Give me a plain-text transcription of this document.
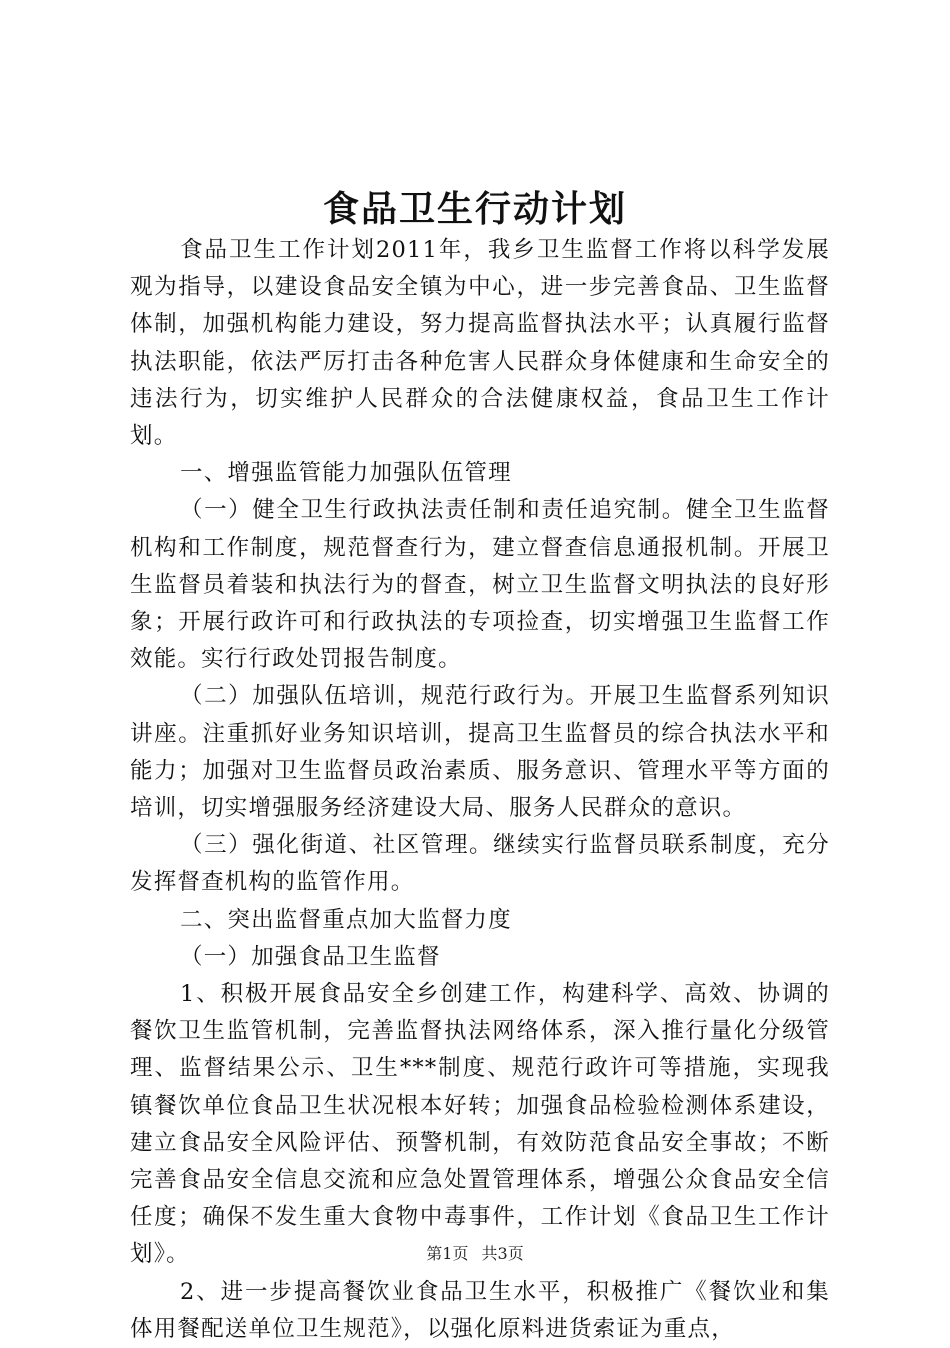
食品卫生行动计划

食品卫生工作计划2011年，我乡卫生监督工作将以科学发展观为指导，以建设食品安全镇为中心，进一步完善食品、卫生监督体制，加强机构能力建设，努力提高监督执法水平；认真履行监督执法职能，依法严厉打击各种危害人民群众身体健康和生命安全的违法行为，切实维护人民群众的合法健康权益，食品卫生工作计划。

一、增强监管能力加强队伍管理

（一）健全卫生行政执法责任制和责任追究制。健全卫生监督机构和工作制度，规范督查行为，建立督查信息通报机制。开展卫生监督员着装和执法行为的督查，树立卫生监督文明执法的良好形象；开展行政许可和行政执法的专项捡查，切实增强卫生监督工作效能。实行行政处罚报告制度。

（二）加强队伍培训，规范行政行为。开展卫生监督系列知识讲座。注重抓好业务知识培训，提高卫生监督员的综合执法水平和能力；加强对卫生监督员政治素质、服务意识、管理水平等方面的培训，切实增强服务经济建设大局、服务人民群众的意识。

（三）强化街道、社区管理。继续实行监督员联系制度，充分发挥督查机构的监管作用。

二、突出监督重点加大监督力度

（一）加强食品卫生监督

1、积极开展食品安全乡创建工作，构建科学、高效、协调的餐饮卫生监管机制，完善监督执法网络体系，深入推行量化分级管理、监督结果公示、卫生***制度、规范行政许可等措施，实现我镇餐饮单位食品卫生状况根本好转；加强食品检验检测体系建设，建立食品安全风险评估、预警机制，有效防范食品安全事故；不断完善食品安全信息交流和应急处置管理体系，增强公众食品安全信任度；确保不发生重大食物中毒事件，工作计划《食品卫生工作计划》。

2、进一步提高餐饮业食品卫生水平，积极推广《餐饮业和集体用餐配送单位卫生规范》，以强化原料进货索证为重点，

第1页 共3页
